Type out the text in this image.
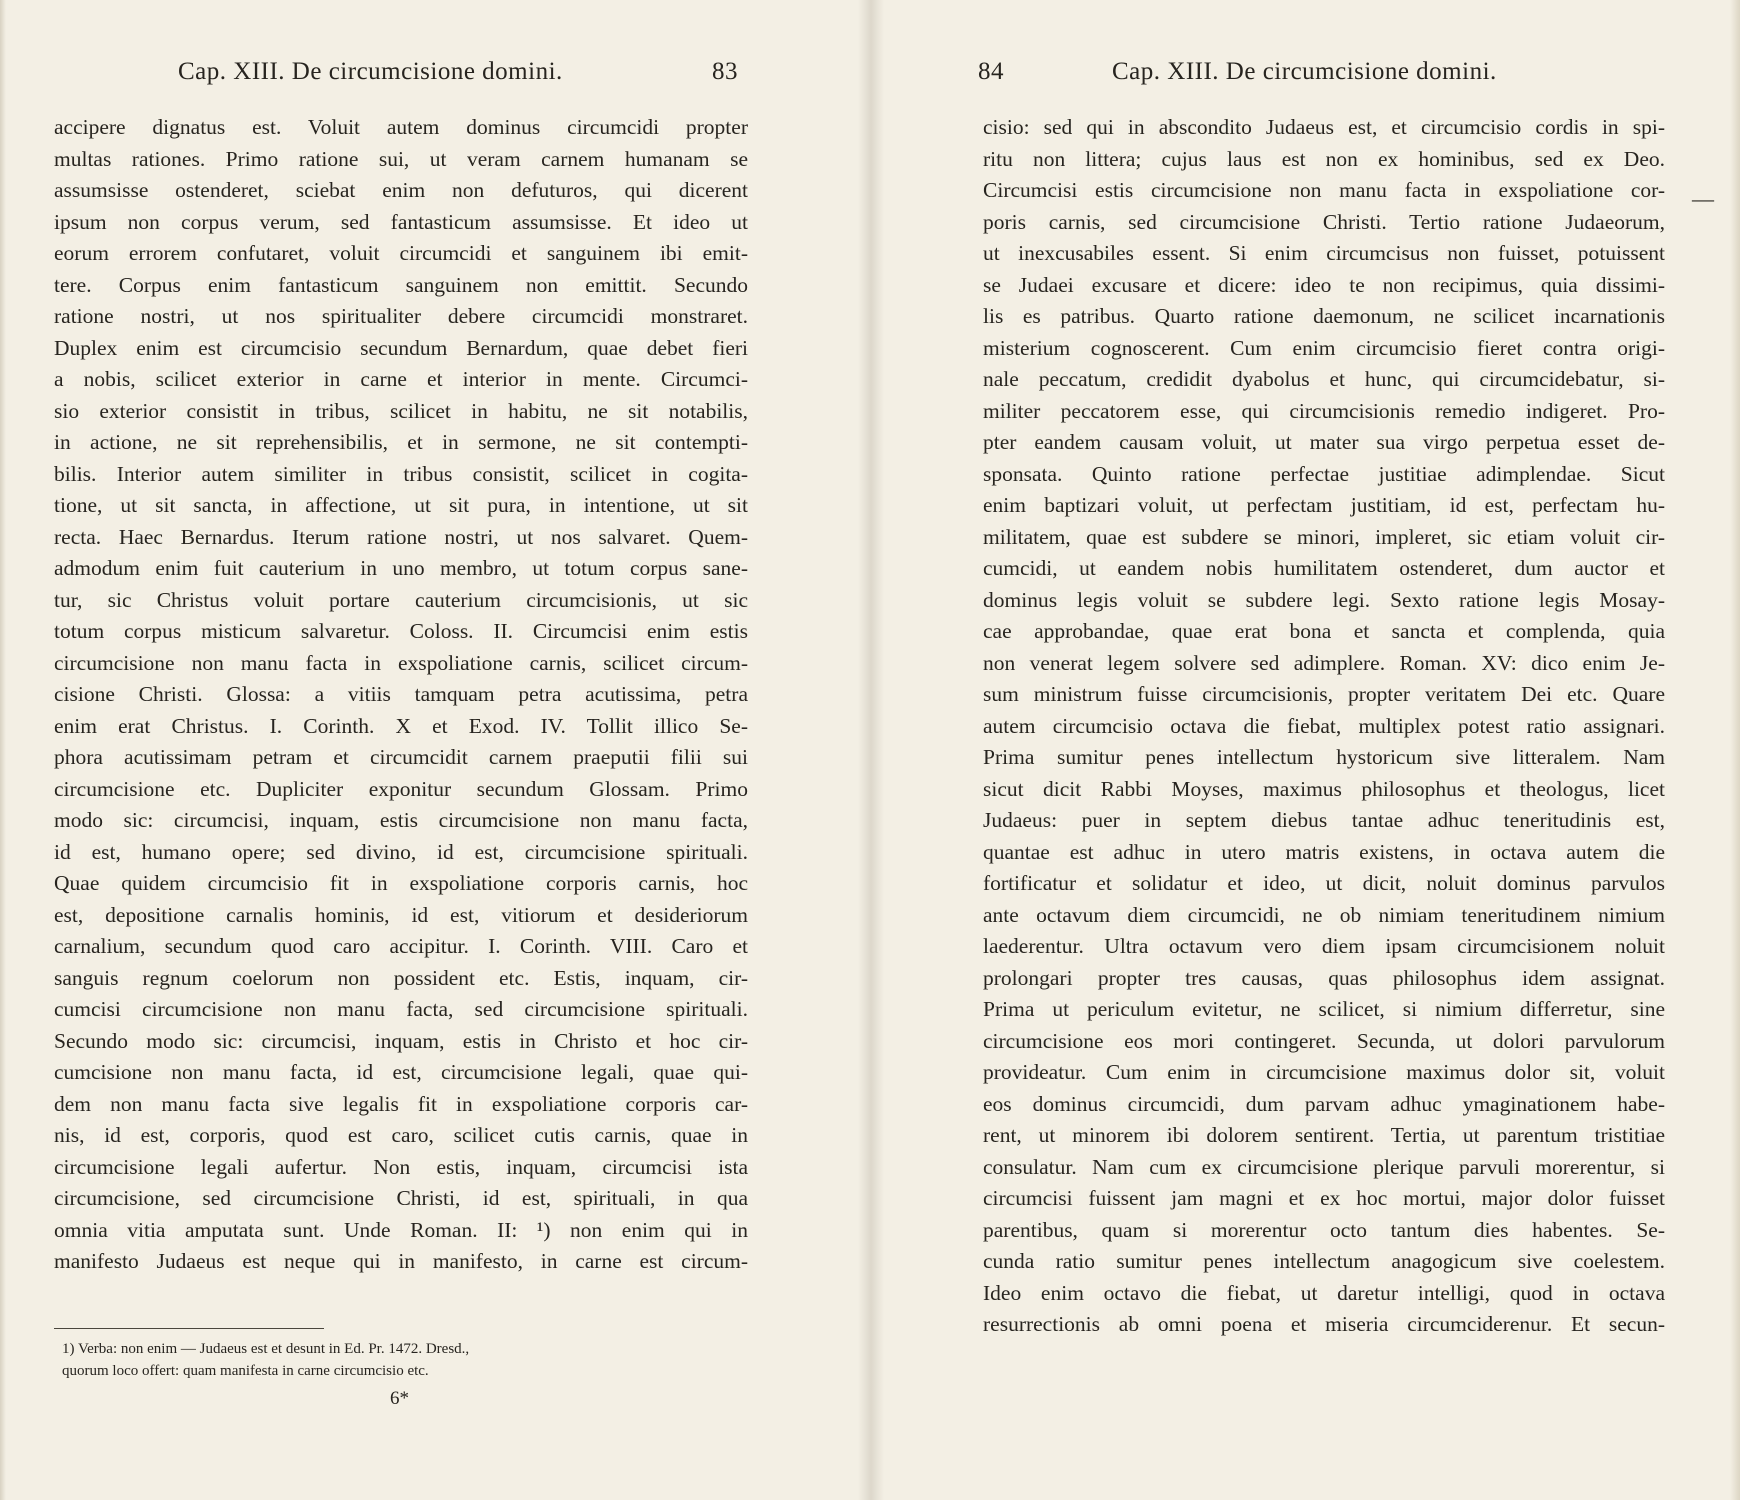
Cap. XIII. De circumcisione domini.	83
accipere dignatus est. Voluit autem dominus circumcidi propter
multas rationes. Primo ratione sui, ut veram carnem humanam se
assumsisse ostenderet, sciebat enim non defuturos, qui dicerent
ipsum non corpus verum, sed fantasticum assumsisse. Et ideo ut
eorum errorem confutaret, voluit circumcidi et sanguinem ibi emit-
tere. Corpus enim fantasticum sanguinem non emittit. Secundo
ratione nostri, ut nos spiritualiter debere circumcidi monstraret.
Duplex enim est circumcisio secundum Bernardum, quae debet fieri
a nobis, scilicet exterior in carne et interior in mente. Circumci-
sio exterior consistit in tribus, scilicet in habitu, ne sit notabilis,
in actione, ne sit reprehensibilis, et in sermone, ne sit contempti-
bilis. Interior autem similiter in tribus consistit, scilicet in cogita-
tione, ut sit sancta, in affectione, ut sit pura, in intentione, ut sit
recta. Haec Bernardus. Iterum ratione nostri, ut nos salvaret. Quem-
admodum enim fuit cauterium in uno membro, ut totum corpus sane-
tur, sic Christus voluit portare cauterium circumcisionis, ut sic
totum corpus misticum salvaretur. Coloss. II. Circumcisi enim estis
circumcisione non manu facta in exspoliatione carnis, scilicet circum-
cisione Christi. Glossa: a vitiis tamquam petra acutissima, petra
enim erat Christus. I. Corinth. X et Exod. IV. Tollit illico Se-
phora acutissimam petram et circumcidit carnem praeputii filii sui
circumcisione etc. Dupliciter exponitur secundum Glossam. Primo
modo sic: circumcisi, inquam, estis circumcisione non manu facta,
id est, humano opere; sed divino, id est, circumcisione spirituali.
Quae quidem circumcisio fit in exspoliatione corporis carnis, hoc
est, depositione carnalis hominis, id est, vitiorum et desideriorum
carnalium, secundum quod caro accipitur. I. Corinth. VIII. Caro et
sanguis regnum coelorum non possident etc. Estis, inquam, cir-
cumcisi circumcisione non manu facta, sed circumcisione spirituali.
Secundo modo sic: circumcisi, inquam, estis in Christo et hoc cir-
cumcisione non manu facta, id est, circumcisione legali, quae qui-
dem non manu facta sive legalis fit in exspoliatione corporis car-
nis, id est, corporis, quod est caro, scilicet cutis carnis, quae in
circumcisione legali aufertur. Non estis, inquam, circumcisi ista
circumcisione, sed circumcisione Christi, id est, spirituali, in qua
omnia vitia amputata sunt. Unde Roman. II: ¹) non enim qui in
manifesto Judaeus est neque qui in manifesto, in carne est circum-
1) Verba: non enim — Judaeus est et desunt in Ed. Pr. 1472. Dresd.,
quorum loco offert: quam manifesta in carne circumcisio etc.
6*
84	Cap. XIII. De circumcisione domini.
cisio: sed qui in abscondito Judaeus est, et circumcisio cordis in spi-
ritu non littera; cujus laus est non ex hominibus, sed ex Deo.
Circumcisi estis circumcisione non manu facta in exspoliatione cor-
poris carnis, sed circumcisione Christi. Tertio ratione Judaeorum,
ut inexcusabiles essent. Si enim circumcisus non fuisset, potuissent
se Judaei excusare et dicere: ideo te non recipimus, quia dissimi-
lis es patribus. Quarto ratione daemonum, ne scilicet incarnationis
misterium cognoscerent. Cum enim circumcisio fieret contra origi-
nale peccatum, credidit dyabolus et hunc, qui circumcidebatur, si-
militer peccatorem esse, qui circumcisionis remedio indigeret. Pro-
pter eandem causam voluit, ut mater sua virgo perpetua esset de-
sponsata. Quinto ratione perfectae justitiae adimplendae. Sicut
enim baptizari voluit, ut perfectam justitiam, id est, perfectam hu-
militatem, quae est subdere se minori, impleret, sic etiam voluit cir-
cumcidi, ut eandem nobis humilitatem ostenderet, dum auctor et
dominus legis voluit se subdere legi. Sexto ratione legis Mosay-
cae approbandae, quae erat bona et sancta et complenda, quia
non venerat legem solvere sed adimplere. Roman. XV: dico enim Je-
sum ministrum fuisse circumcisionis, propter veritatem Dei etc. Quare
autem circumcisio octava die fiebat, multiplex potest ratio assignari.
Prima sumitur penes intellectum hystoricum sive litteralem. Nam
sicut dicit Rabbi Moyses, maximus philosophus et theologus, licet
Judaeus: puer in septem diebus tantae adhuc teneritudinis est,
quantae est adhuc in utero matris existens, in octava autem die
fortificatur et solidatur et ideo, ut dicit, noluit dominus parvulos
ante octavum diem circumcidi, ne ob nimiam teneritudinem nimium
laederentur. Ultra octavum vero diem ipsam circumcisionem noluit
prolongari propter tres causas, quas philosophus idem assignat.
Prima ut periculum evitetur, ne scilicet, si nimium differretur, sine
circumcisione eos mori contingeret. Secunda, ut dolori parvulorum
provideatur. Cum enim in circumcisione maximus dolor sit, voluit
eos dominus circumcidi, dum parvam adhuc ymaginationem habe-
rent, ut minorem ibi dolorem sentirent. Tertia, ut parentum tristitiae
consulatur. Nam cum ex circumcisione plerique parvuli morerentur, si
circumcisi fuissent jam magni et ex hoc mortui, major dolor fuisset
parentibus, quam si morerentur octo tantum dies habentes. Se-
cunda ratio sumitur penes intellectum anagogicum sive coelestem.
Ideo enim octavo die fiebat, ut daretur intelligi, quod in octava
resurrectionis ab omni poena et miseria circumciderenur. Et secun-
—
